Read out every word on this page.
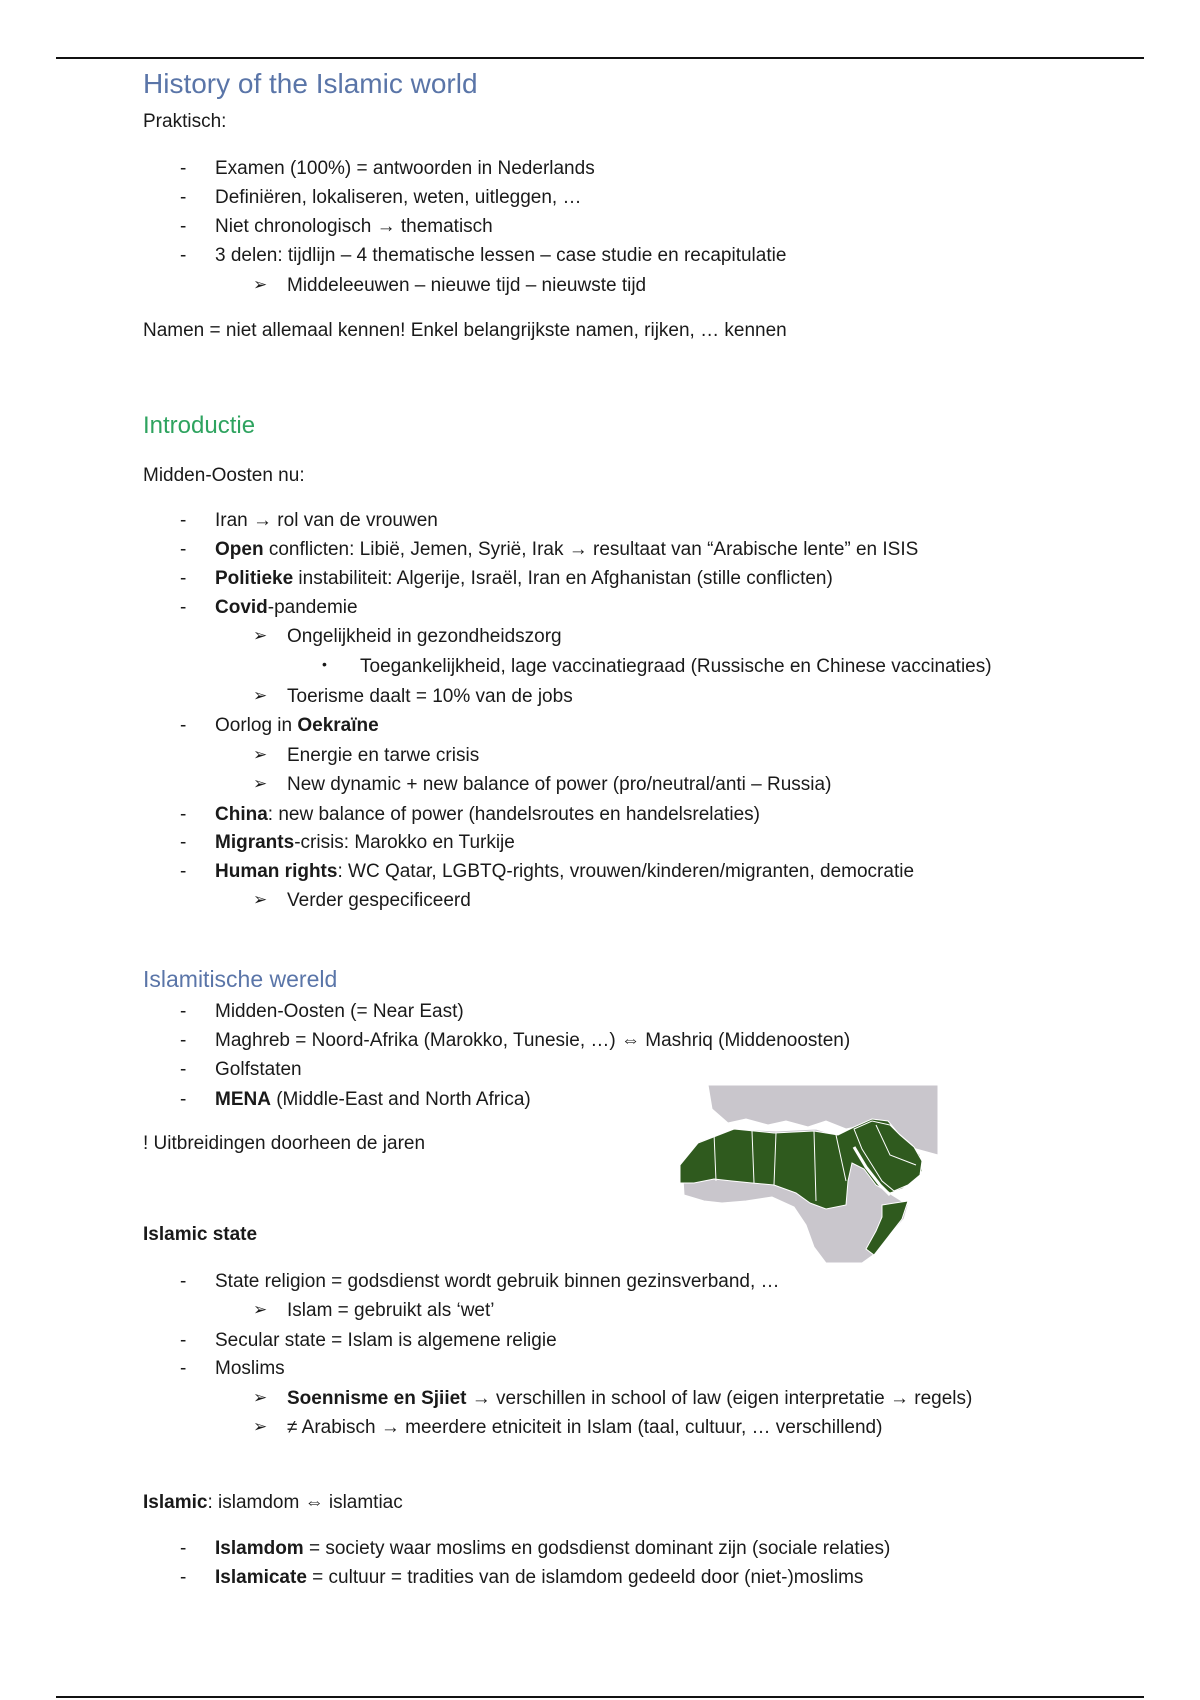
History of the Islamic world
Praktisch:
- Examen (100%) = antwoorden in Nederlands
- Definiëren, lokaliseren, weten, uitleggen, …
- Niet chronologisch → thematisch
- 3 delen: tijdlijn – 4 thematische lessen – case studie en recapitulatie
➢ Middeleeuwen – nieuwe tijd – nieuwste tijd
Namen = niet allemaal kennen! Enkel belangrijkste namen, rijken, … kennen
Introductie
Midden-Oosten nu:
- Iran → rol van de vrouwen
- Open conflicten: Libië, Jemen, Syrië, Irak → resultaat van “Arabische lente” en ISIS
- Politieke instabiliteit: Algerije, Israël, Iran en Afghanistan (stille conflicten)
- Covid-pandemie
➢ Ongelijkheid in gezondheidszorg
• Toegankelijkheid, lage vaccinatiegraad (Russische en Chinese vaccinaties)
➢ Toerisme daalt = 10% van de jobs
- Oorlog in Oekraïne
➢ Energie en tarwe crisis
➢ New dynamic + new balance of power (pro/neutral/anti – Russia)
- China: new balance of power (handelsroutes en handelsrelaties)
- Migrants-crisis: Marokko en Turkije
- Human rights: WC Qatar, LGBTQ-rights, vrouwen/kinderen/migranten, democratie
➢ Verder gespecificeerd
Islamitische wereld
- Midden-Oosten (= Near East)
- Maghreb = Noord-Afrika (Marokko, Tunesie, …) ⇔ Mashriq (Middenoosten)
- Golfstaten
- MENA (Middle-East and North Africa)
! Uitbreidingen doorheen de jaren
Islamic state
- State religion = godsdienst wordt gebruik binnen gezinsverband, …
➢ Islam = gebruikt als ‘wet’
- Secular state = Islam is algemene religie
- Moslims
➢ Soennisme en Sjiiet → verschillen in school of law (eigen interpretatie → regels)
➢ ≠ Arabisch → meerdere etniciteit in Islam (taal, cultuur, … verschillend)
Islamic: islamdom ⇔ islamtiac
- Islamdom = society waar moslims en godsdienst dominant zijn (sociale relaties)
- Islamicate = cultuur = tradities van de islamdom gedeeld door (niet-)moslims
